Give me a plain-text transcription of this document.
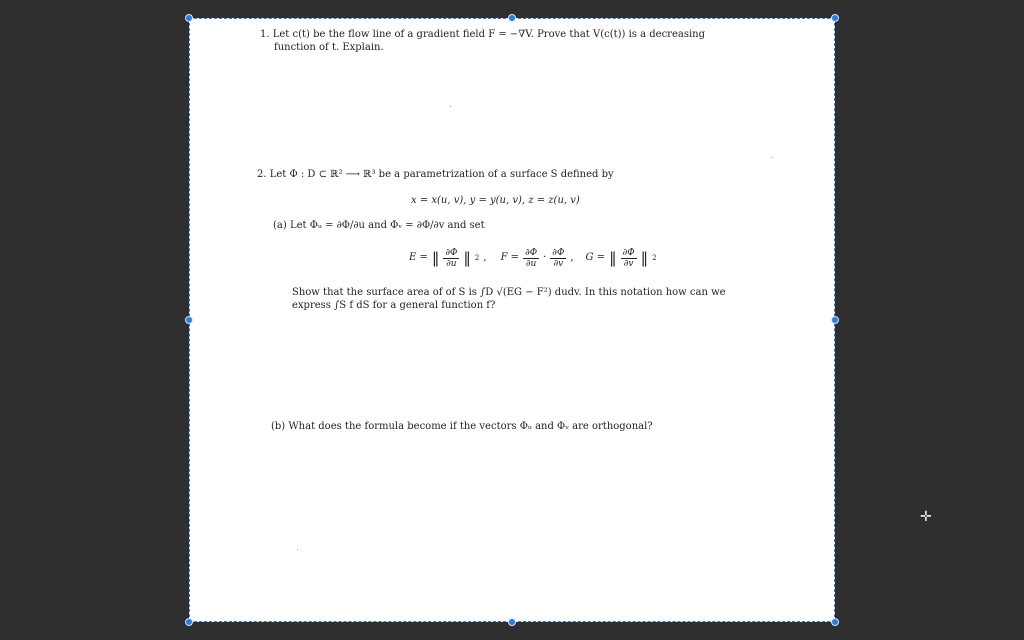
1. Let c(t) be the flow line of a gradient field F = −∇V. Prove that V(c(t)) is a decreasing
function of t. Explain.
2. Let Φ : D ⊂ ℝ² ⟶ ℝ³ be a parametrization of a surface S defined by
x = x(u, v), y = y(u, v), z = z(u, v)
(a) Let Φᵤ = ∂Φ/∂u and Φᵥ = ∂Φ/∂v and set
E = ‖ $\frac{\partial\Phi}{\partial u}$ ‖ 2 , $F = \frac{\partial\Phi}{\partial u} \cdot \frac{\partial\Phi}{\partial v}$ , G = ‖ $\frac{\partial\Phi}{\partial v}$ ‖ 2
Show that the surface area of of S is ∫D √(EG − F²) dudv. In this notation how can we
express ∫S f dS for a general function f?
(b) What does the formula become if the vectors Φᵤ and Φᵥ are orthogonal?
✛
